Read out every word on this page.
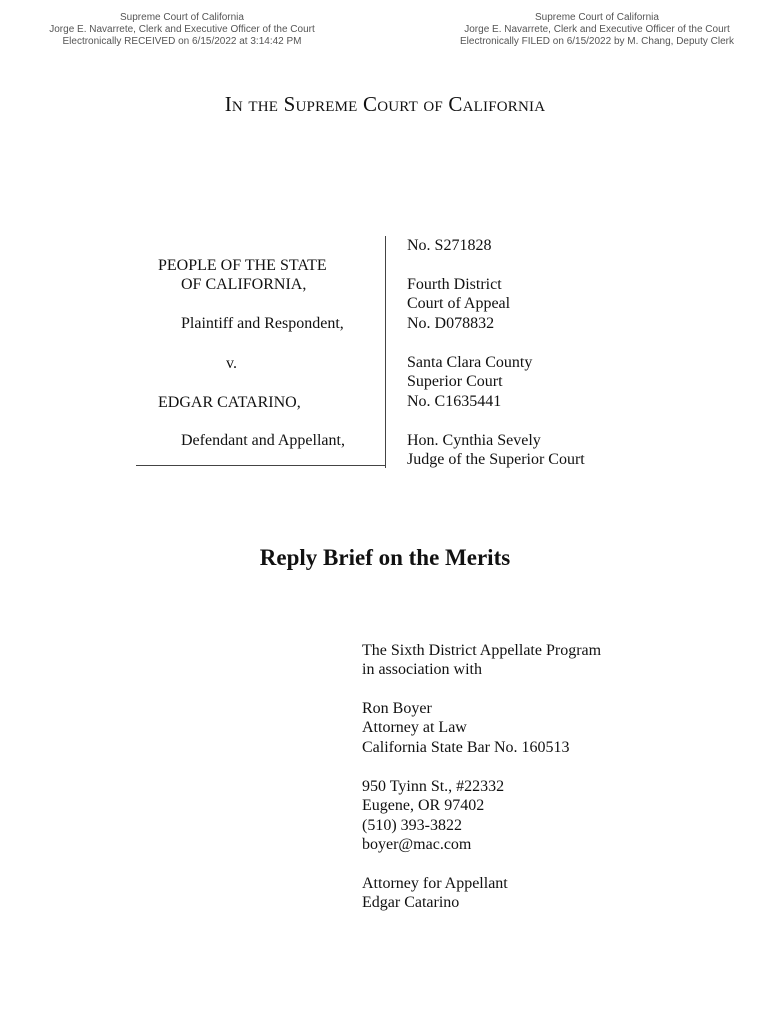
Supreme Court of California
Jorge E. Navarrete, Clerk and Executive Officer of the Court
Electronically RECEIVED on 6/15/2022 at 3:14:42 PM
Supreme Court of California
Jorge E. Navarrete, Clerk and Executive Officer of the Court
Electronically FILED on 6/15/2022 by M. Chang, Deputy Clerk
In the Supreme Court of California
PEOPLE OF THE STATE
OF CALIFORNIA,
Plaintiff and Respondent,
v.
EDGAR CATARINO,
Defendant and Appellant,
No. S271828
Fourth District
Court of Appeal
No. D078832
Santa Clara County
Superior Court
No. C1635441
Hon. Cynthia Sevely
Judge of the Superior Court
Reply Brief on the Merits
The Sixth District Appellate Program
in association with
Ron Boyer
Attorney at Law
California State Bar No. 160513
950 Tyinn St., #22332
Eugene, OR 97402
(510) 393-3822
boyer@mac.com
Attorney for Appellant
Edgar Catarino
